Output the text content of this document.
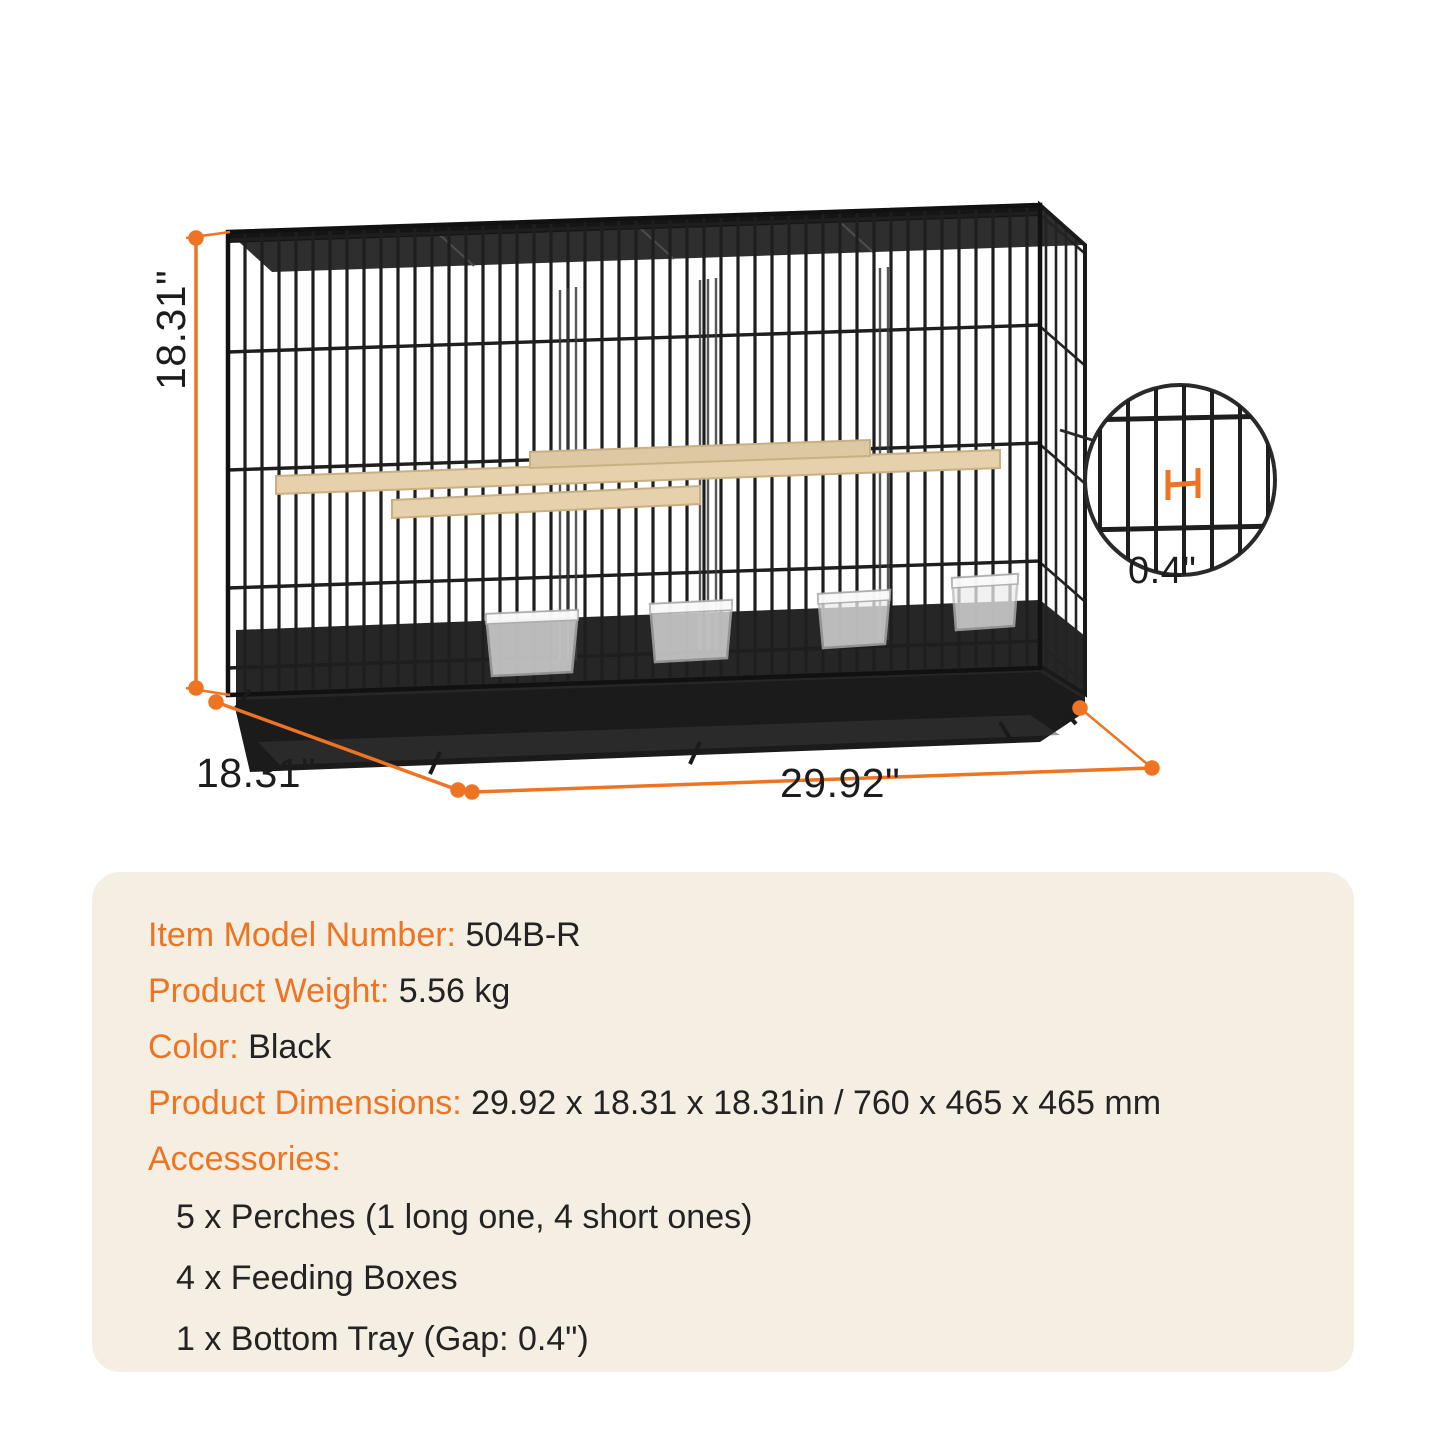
18.31"
18.31"	29.92"
0.4"
Item Model Number: 504B-R
Product Weight: 5.56 kg
Color: Black
Product Dimensions: 29.92 x 18.31 x 18.31in / 760 x 465 x 465 mm
Accessories:
5 x Perches (1 long one, 4 short ones)
4 x Feeding Boxes
1 x Bottom Tray (Gap: 0.4")
